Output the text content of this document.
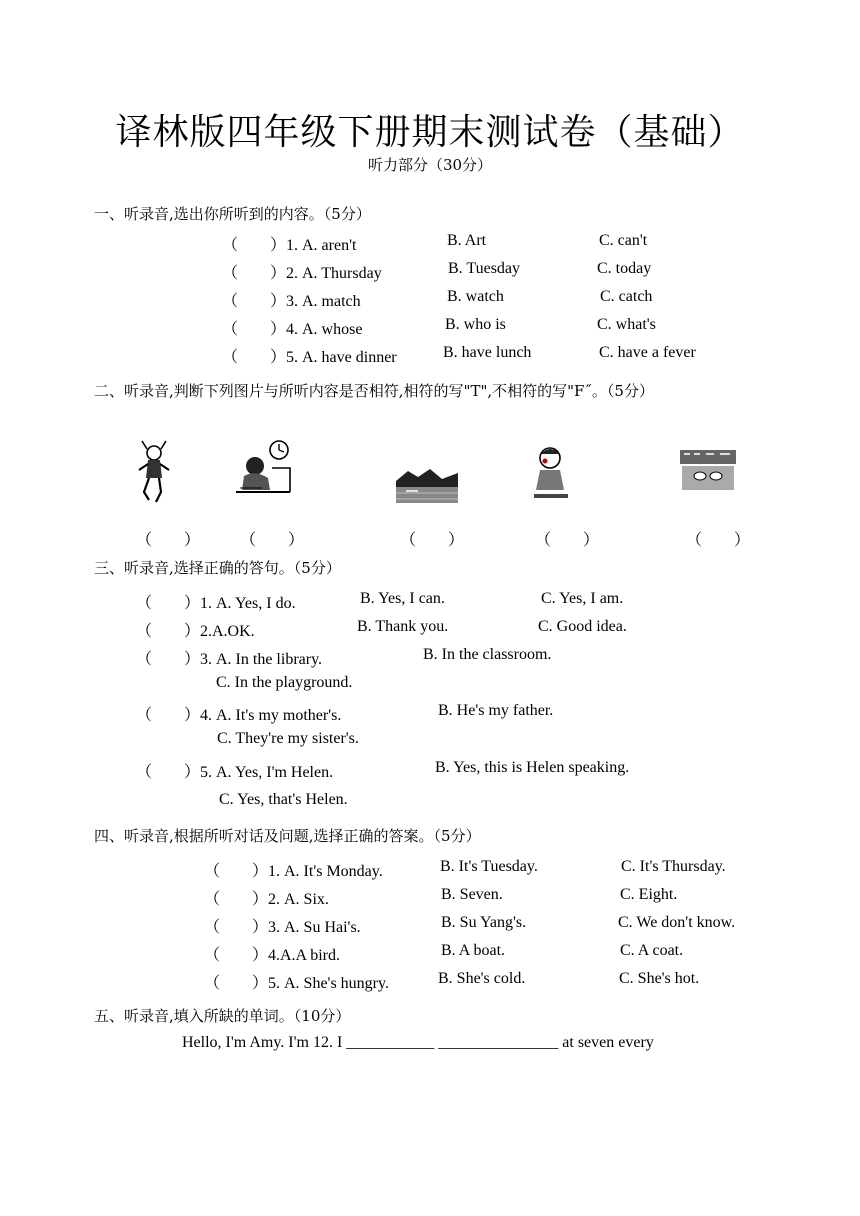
译林版四年级下册期末测试卷（基础）
听力部分（30分）
一、听录音,选出你所听到的内容。（5分）
（　　）1. A. aren't	B. Art	C. can't
（　　）2. A. Thursday	B. Tuesday	C. today
（　　）3. A. match	B. watch	C. catch
（　　）4. A. whose	B. who is	C. what's
（　　）5. A. have dinner	B. have lunch	C. have a fever
二、听录音,判断下列图片与所听内容是否相符,相符的写"T",不相符的写"F˝。（5分）
（　　） （　　）	（　　）	（　　）	（　　）
三、听录音,选择正确的答句。（5分）
（　　）1. A. Yes, I do.	B. Yes, I can.	C. Yes, I am.
（　　）2.A.OK.	B. Thank you.	C. Good idea.
（　　）3. A. In the library.	B. In the classroom.
C. In the playground.
（　　）4. A. It's my mother's.	B. He's my father.
C. They're my sister's.
（　　）5. A. Yes, I'm Helen.	B. Yes, this is Helen speaking.
C. Yes, that's Helen.
四、听录音,根据所听对话及问题,选择正确的答案。（5分）
（　　）1. A. It's Monday.	B. It's Tuesday.	C. It's Thursday.
（　　）2. A. Six.	B. Seven.	C. Eight.
（　　）3. A. Su Hai's.	B. Su Yang's.	C. We don't know.
（　　）4.A.A bird.	B. A boat.	C. A coat.
（　　）5. A. She's hungry.	B. She's cold.	C. She's hot.
五、听录音,填入所缺的单词。（10分）
Hello, I'm Amy. I'm 12. I ___________ _______________ at seven every
